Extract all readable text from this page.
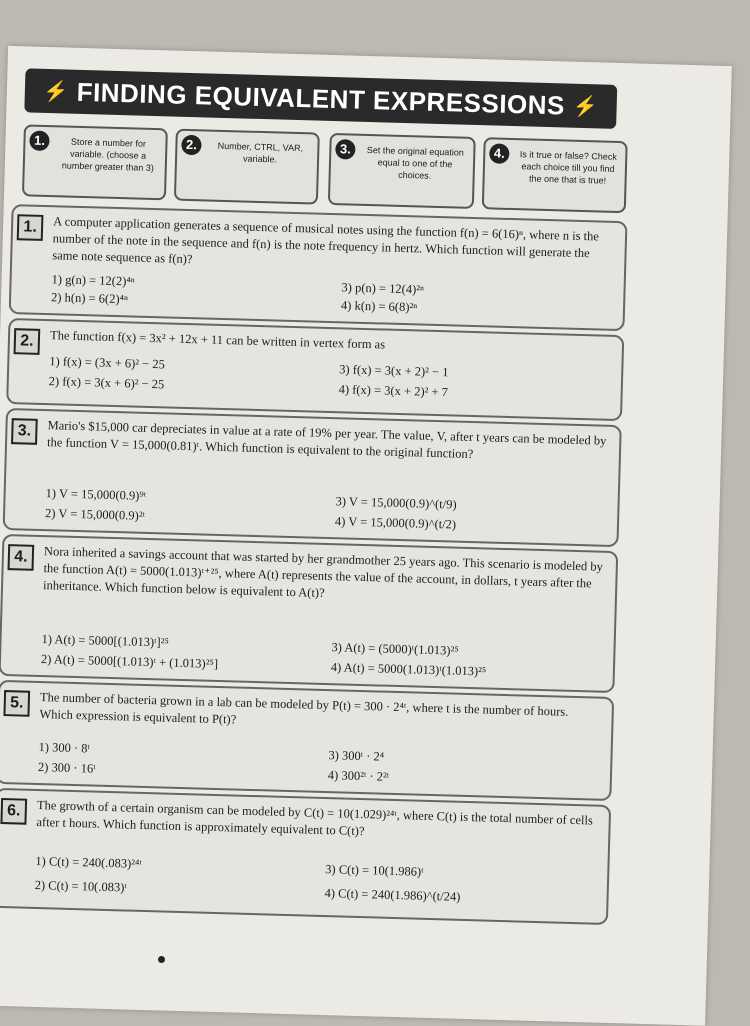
⚡ FINDING EQUIVALENT EXPRESSIONS ⚡
1.	Store a number for variable. (choose a number greater than 3)
2.	Number, CTRL, VAR, variable.
3.	Set the original equation equal to one of the choices.
4.	Is it true or false? Check each choice till you find the one that is true!
1.	A computer application generates a sequence of musical notes using the function f(n) = 6(16)ⁿ, where n is the number of the note in the sequence and f(n) is the note frequency in hertz. Which function will generate the same note sequence as f(n)?
1) g(n) = 12(2)⁴ⁿ
2) h(n) = 6(2)⁴ⁿ
3) p(n) = 12(4)²ⁿ
4) k(n) = 6(8)²ⁿ
2.	The function f(x) = 3x² + 12x + 11 can be written in vertex form as
1) f(x) = (3x + 6)² − 25
2) f(x) = 3(x + 6)² − 25
3) f(x) = 3(x + 2)² − 1
4) f(x) = 3(x + 2)² + 7
3.	Mario's $15,000 car depreciates in value at a rate of 19% per year. The value, V, after t years can be modeled by the function V = 15,000(0.81)ᵗ. Which function is equivalent to the original function?
1) V = 15,000(0.9)⁹ᵗ
2) V = 15,000(0.9)²ᵗ
3) V = 15,000(0.9)^(t/9)
4) V = 15,000(0.9)^(t/2)
4.	Nora inherited a savings account that was started by her grandmother 25 years ago. This scenario is modeled by the function A(t) = 5000(1.013)ᵗ⁺²⁵, where A(t) represents the value of the account, in dollars, t years after the inheritance. Which function below is equivalent to A(t)?
1) A(t) = 5000[(1.013)ᵗ]²⁵
2) A(t) = 5000[(1.013)ᵗ + (1.013)²⁵]
3) A(t) = (5000)ᵗ(1.013)²⁵
4) A(t) = 5000(1.013)ᵗ(1.013)²⁵
5.	The number of bacteria grown in a lab can be modeled by P(t) = 300 · 2⁴ᵗ, where t is the number of hours. Which expression is equivalent to P(t)?
1) 300 · 8ᵗ
2) 300 · 16ᵗ
3) 300ᵗ · 2⁴
4) 300²ᵗ · 2²ᵗ
6.	The growth of a certain organism can be modeled by C(t) = 10(1.029)²⁴ᵗ, where C(t) is the total number of cells after t hours. Which function is approximately equivalent to C(t)?
1) C(t) = 240(.083)²⁴ᵗ
2) C(t) = 10(.083)ᵗ
3) C(t) = 10(1.986)ᵗ
4) C(t) = 240(1.986)^(t/24)
